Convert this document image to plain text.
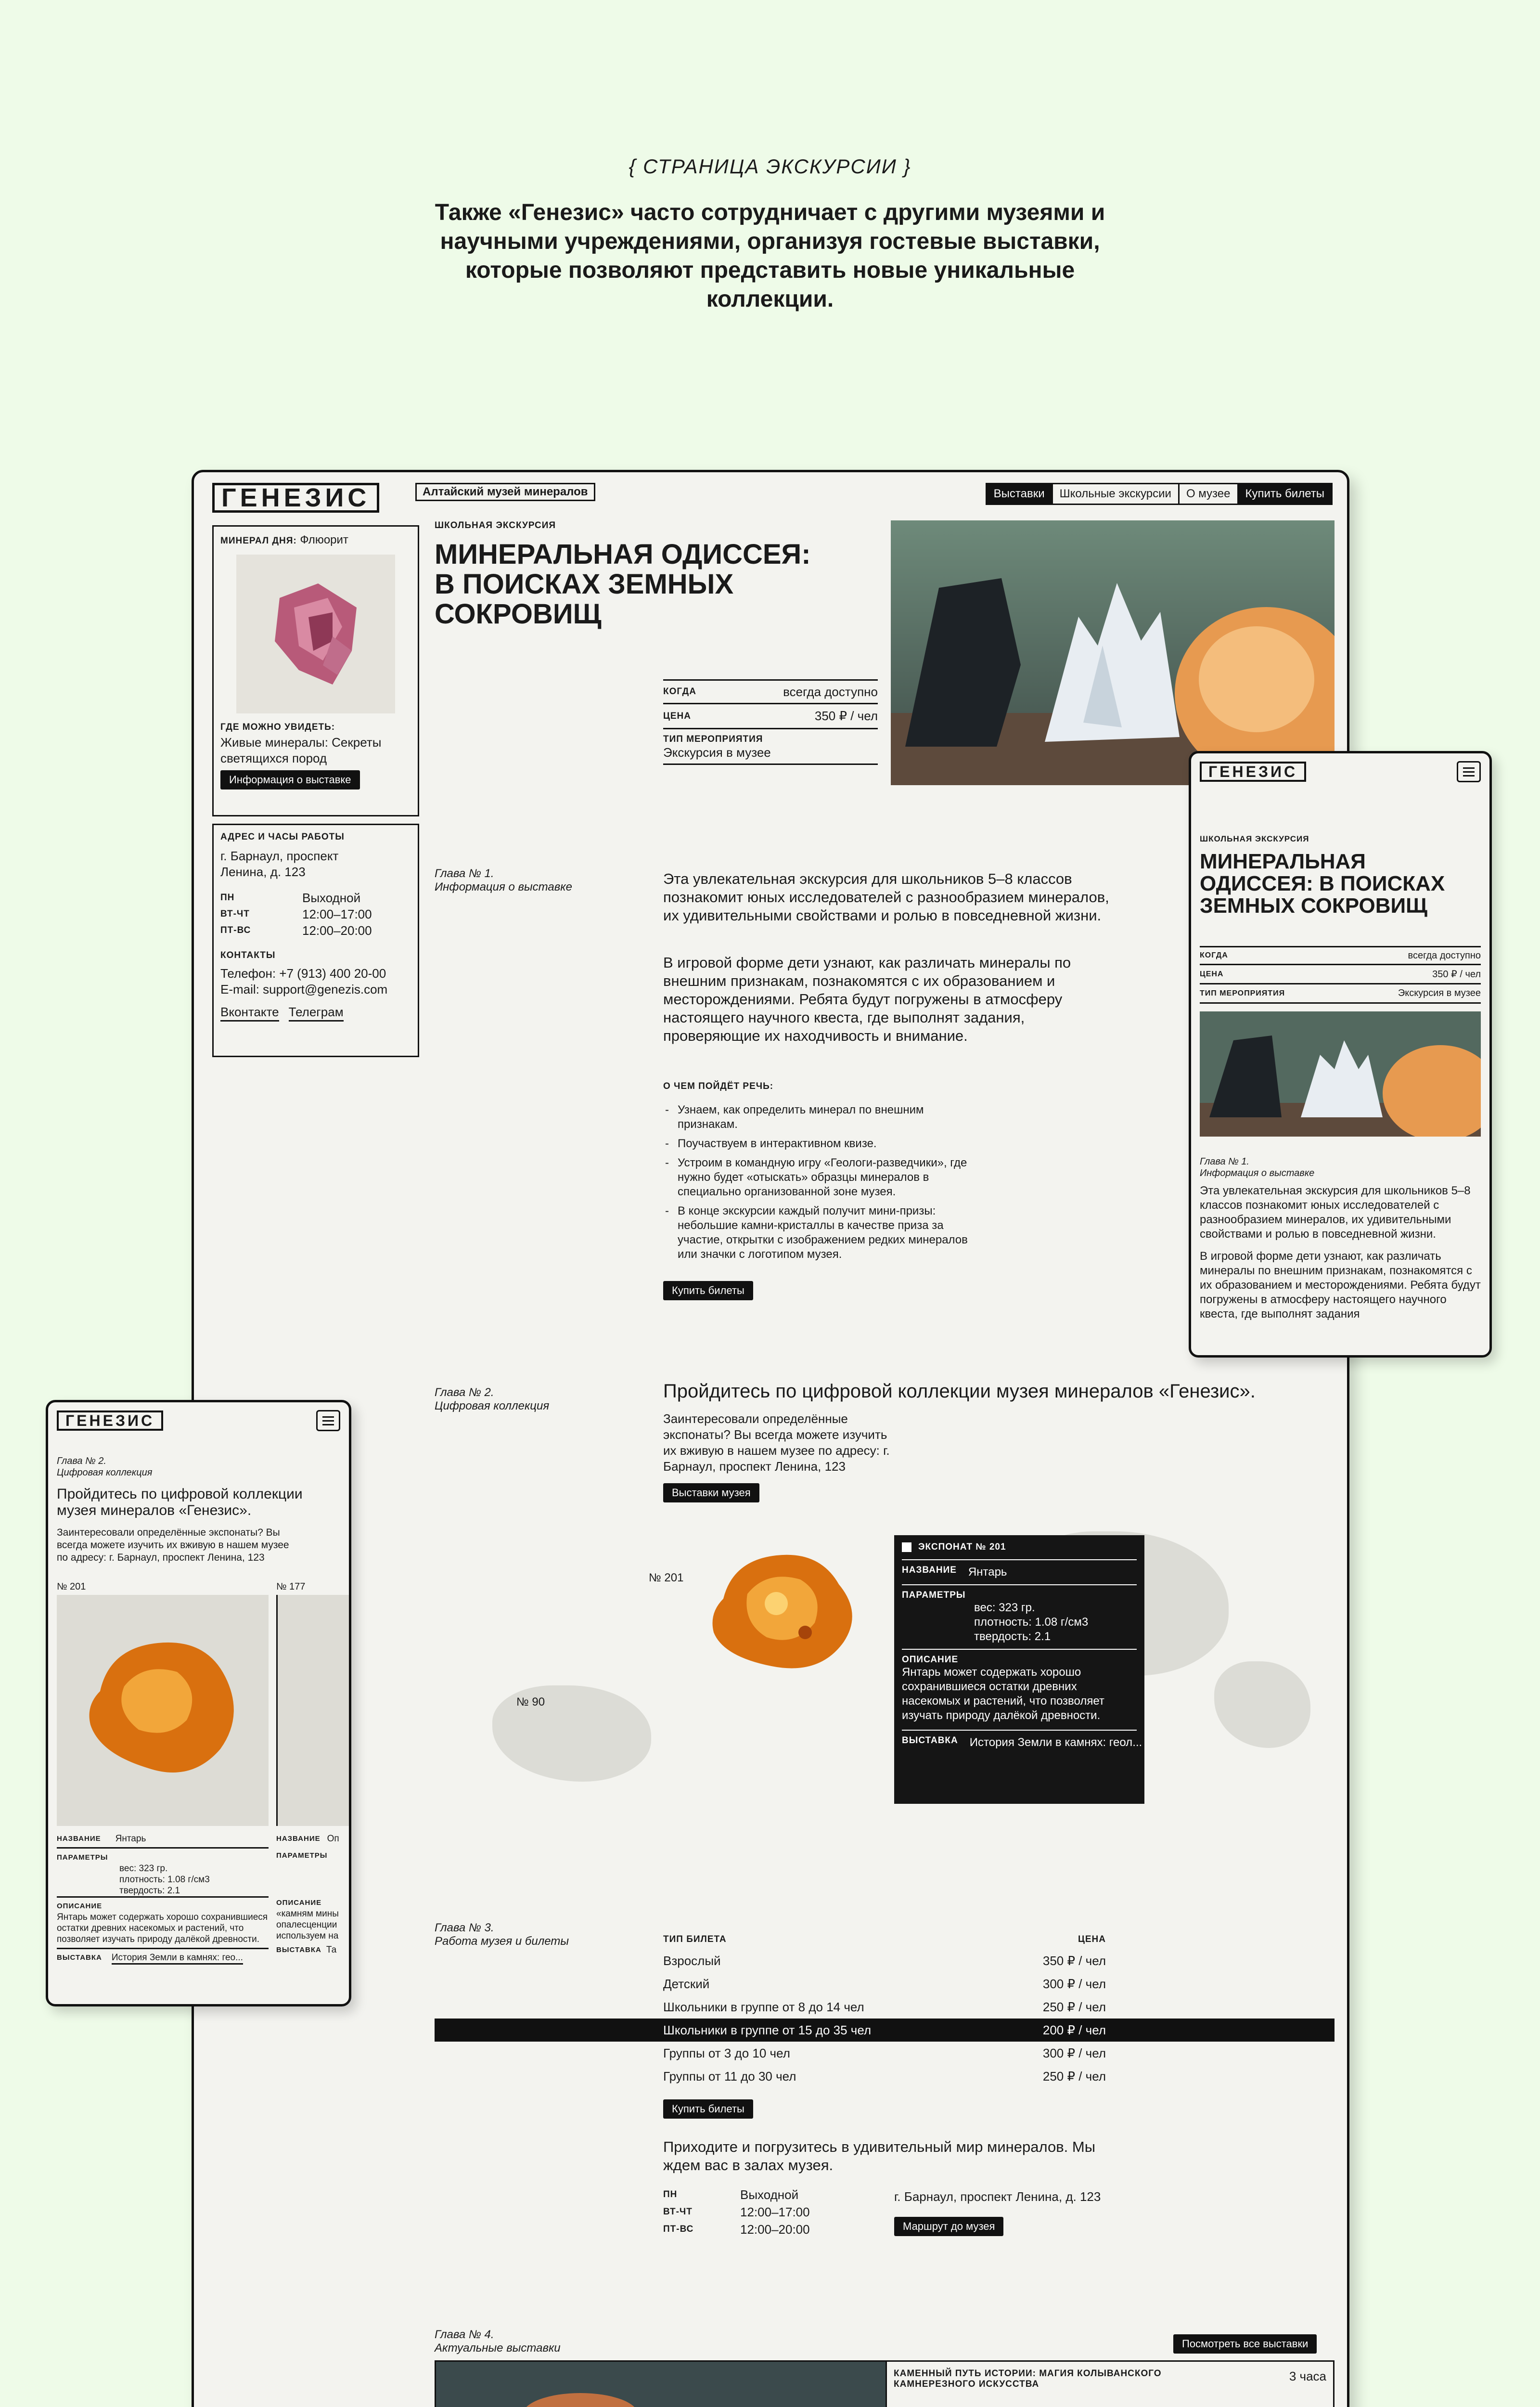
{ СТРАНИЦА ЭКСКУРСИИ }
Также «Генезис» часто сотрудничает с другими музеями и научными учреждениями, организуя гостевые выставки, которые позволяют представить новые уникальные коллекции.
ГЕНЕЗИС	Алтайский музей минералов	Выставки	Школьные экскурсии	О музее	Купить билеты
МИНЕРАЛ ДНЯ: Флюорит
ГДЕ МОЖНО УВИДЕТЬ:
Живые минералы: Секреты светящихся пород
Информация о выставке
АДРЕС И ЧАСЫ РАБОТЫ
г. Барнаул, проспект Ленина, д. 123
ПН	Выходной
ВТ-ЧТ	12:00–17:00
ПТ-ВС	12:00–20:00
КОНТАКТЫ
Телефон: +7 (913) 400 20-00
E-mail: support@genezis.com
Вконтакте Телеграм
ШКОЛЬНАЯ ЭКСКУРСИЯ
МИНЕРАЛЬНАЯ ОДИССЕЯ: В ПОИСКАХ ЗЕМНЫХ СОКРОВИЩ
КОГДА	всегда доступно
ЦЕНА	350 ₽ / чел
ТИП МЕРОПРИЯТИЯ
Экскурсия в музее
Глава № 1.
Информация о выставке	Эта увлекательная экскурсия для школьников 5–8 классов познакомит юных исследователей с разнообразием минералов, их удивительными свойствами и ролью в повседневной жизни.
В игровой форме дети узнают, как различать минералы по внешним признакам, познакомятся с их образованием и месторождениями. Ребята будут погружены в атмосферу настоящего научного квеста, где выполнят задания, проверяющие их находчивость и внимание.
О ЧЕМ ПОЙДЁТ РЕЧЬ:
- Узнаем, как определить минерал по внешним признакам.
- Поучаствуем в интерактивном квизе.
- Устроим в командную игру «Геологи-разведчики», где нужно будет «отыскать» образцы минералов в специально организованной зоне музея.
- В конце экскурсии каждый получит мини-призы: небольшие камни-кристаллы в качестве приза за участие, открытки с изображением редких минералов или значки с логотипом музея.
Купить билеты
Глава № 2.
Цифровая коллекция
Пройдитесь по цифровой коллекции музея минералов «Генезис».
Заинтересовали определённые экспонаты? Вы всегда можете изучить их вживую в нашем музее по адресу: г. Барнаул, проспект Ленина, 123
Выставки музея
№ 90
№ 201
ЭКСПОНАТ № 201
НАЗВАНИЕ Янтарь
ПАРАМЕТРЫ
вес: 323 гр.
плотность: 1.08 г/см3
твердость: 2.1
ОПИСАНИЕ
Янтарь может содержать хорошо сохранившиеся остатки древних насекомых и растений, что позволяет изучать природу далёкой древности.
ВЫСТАВКА История Земли в камнях: геол...
Глава № 3.
Работа музея и билеты	ТИП БИЛЕТА	ЦЕНА
Взрослый	350 ₽ / чел
Детский	300 ₽ / чел
Школьники в группе от 8 до 14 чел	250 ₽ / чел
Школьники в группе от 15 до 35 чел	200 ₽ / чел
Группы от 3 до 10 чел	300 ₽ / чел
Группы от 11 до 30 чел	250 ₽ / чел
Купить билеты
Приходите и погрузитесь в удивительный мир минералов. Мы ждем вас в залах музея.
ПН	Выходной
ВТ-ЧТ	12:00–17:00
ПТ-ВС	12:00–20:00
г. Барнаул, проспект Ленина, д. 123
Маршрут до музея
Глава № 4.
Актуальные выставки	Посмотреть все выставки
КАМЕННЫЙ ПУТЬ ИСТОРИИ: МАГИЯ КОЛЫВАНСКОГО КАМНЕРЕЗНОГО ИСКУССТВА
3 часа
ГЕНЕЗИС
ШКОЛЬНАЯ ЭКСКУРСИЯ
МИНЕРАЛЬНАЯ ОДИССЕЯ: В ПОИСКАХ ЗЕМНЫХ СОКРОВИЩ
КОГДА	всегда доступно
ЦЕНА	350 ₽ / чел
ТИП МЕРОПРИЯТИЯ	Экскурсия в музее
Глава № 1.
Информация о выставке
Эта увлекательная экскурсия для школьников 5–8 классов познакомит юных исследователей с разнообразием минералов, их удивительными свойствами и ролью в повседневной жизни.
В игровой форме дети узнают, как различать минералы по внешним признакам, познакомятся с их образованием и месторождениями. Ребята будут погружены в атмосферу настоящего научного квеста, где выполнят задания
ГЕНЕЗИС
Глава № 2.
Цифровая коллекция
Пройдитесь по цифровой коллекции музея минералов «Генезис».
Заинтересовали определённые экспонаты? Вы всегда можете изучить их вживую в нашем музее по адресу: г. Барнаул, проспект Ленина, 123
№ 201	№ 177
НАЗВАНИЕ Янтарь
ПАРАМЕТРЫ
вес: 323 гр.
плотность: 1.08 г/см3
твердость: 2.1
ОПИСАНИЕ
Янтарь может содержать хорошо сохранившиеся остатки древних насекомых и растений, что позволяет изучать природу далёкой древности.
ВЫСТАВКА История Земли в камнях: гео...
НАЗВАНИЕ Оп
ПАРАМЕТРЫ
ОПИСАНИЕ
«камням мины опалесценции используем на
ВЫСТАВКА Та
